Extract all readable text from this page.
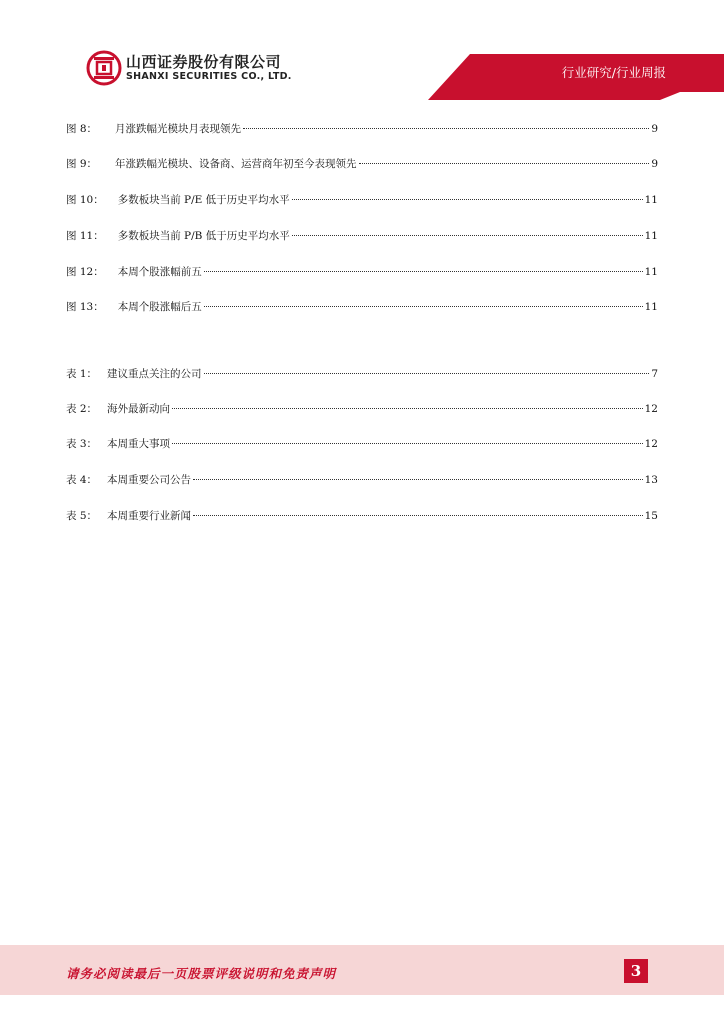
山西证券股份有限公司
SHANXI SECURITIES CO., LTD.	行业研究/行业周报
图 8： 月涨跌幅光模块月表现领先	9
图 9： 年涨跌幅光模块、设备商、运营商年初至今表现领先	9
图 10： 多数板块当前 P/E 低于历史平均水平	11
图 11： 多数板块当前 P/B 低于历史平均水平	11
图 12： 本周个股涨幅前五	11
图 13： 本周个股涨幅后五	11
表 1： 建议重点关注的公司	7
表 2： 海外最新动向	12
表 3： 本周重大事项	12
表 4： 本周重要公司公告	13
表 5： 本周重要行业新闻	15
请务必阅读最后一页股票评级说明和免责声明	3
